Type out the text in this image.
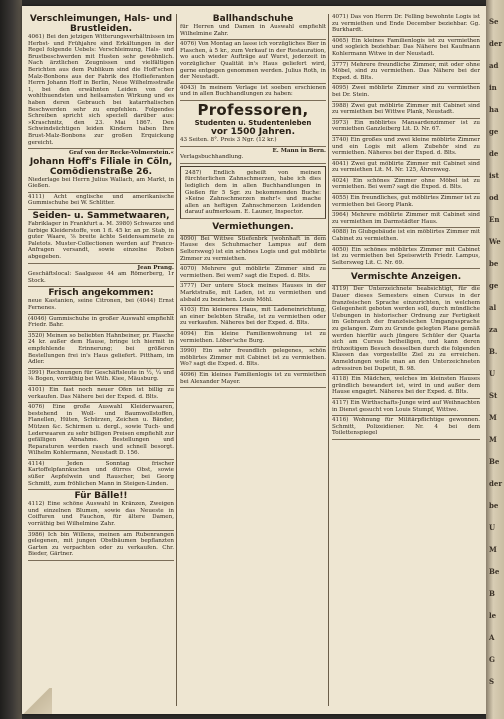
Verschleimungen, Hals- und Brustleiden.

4061) Bei den jetzigen Witterungsverhältnissen im Herbst- und Frühjahre sind Erkältungen in der Regel folgende Uebels: Verschleimung, Hals- und Brustbeschwerden mit Husten sehr gewöhnlich. Nach ärztlichen Zeugnissen und vielfältigen Berichten aus dem Publikum sind die Hoff'schen Malz-Bonbons aus der Fabrik des Hoflieferanten Herrn Johann Hoff in Berlin, Neue Wilhelmsstraße 1, bei den erwähnten Leiden von der wohlthuendsten und heilsamsten Wirkung und es haben deren Gebrauch bei katarrhalischen Beschwerden sehr zu empfehlen. Folgendes Schreiben spricht sich speciell darüber aus: »Kraschnitz, den 23. Mai 1867. Den Schwindsüchtigen leiden Kindern haben Ihre Brust-Malz-Bonbons zur großen Erquickung gereicht.

Graf von der Recke-Volmerstein.«

Johann Hoff's Filiale in Cöln, Comödienstraße 26.

Niederlage bei Herrn Julius Wallach, am Markt, in Gießen.

4111) Acht englische und amerikanische Gummischuhe bei W. Schlitter.

Seiden- u. Sammetwaaren,

Fabriklager in Frankfurt a. M. 3980) Schwarze und farbige Kleiderstoffe, von 1 fl. 45 kr. an pr. Stab, in guter Waare, ⅞ breite ächte Seidensammete zu Paletots. Muster-Collectionen werden auf Franco-Anfragen versandt, sowie einzelne Roben abgegeben.

Jean Prang.

Geschäftslocal: Saalgasse 44 am Römerberg, 1r Stock.

Frisch angekommen:

neue Kastanien, seine Citronen, bei (4044) Ernst Fernenes.

(4046) Gummischuhe in großer Auswahl empfiehlt Friedr. Bahr.

3520) Meinen so beliebten Hahnbeiner, pr. Flasche 24 kr. außer dem Hause, bringe ich hiermit in empfehlende Erinnerung; bei größeren Bestellungen frei in's Haus geliefert. Pittham, im Adler.

3991) Rechnungen für Geschäftsleute in ½, ¼ und ⅛ Bogen, vorräthig bei Wilh. Kiee, Mäusburg.

4101) Ein fast noch neuer Ofen ist billig zu verkaufen. Das Nähere bei der Exped. d. Blts.

4076) Eine große Auswahl Kleiderwaaren, bestehend in Woll- und Baumwollstoffen, Flanellen, Hüten, Schürzen, Zeichen u. Bänder, Mützen &c. Schirmen u. dergl., sowie Tuch- und Lederwaaren zu sehr billigen Preisen empfiehlt zur gefälligen Abnahme. Bestellungen und Reparaturen werden rasch und schnell besorgt. Wilhelm Kohlermann, Neustadt D. 156.

4114) Jeden Sonntag frischer Kartoffelpfannkuchen und dürres Obst, sowie süßer Aepfelwein und Rauscher, bei Georg Schmitt, zum fröhlichen Mann in Steigen-Linden.

Für Bälle!!

4112) Eine schöne Auswahl in Kränzen, Zweigen und einzelnen Blumen, sowie das Neueste in Coiffuren und Fauchon, für ältere Damen, vorräthig bei Wilhelmine Zahr.

3986) Ich bin Willens, meinen am Rubenrangen gelegenen, mit jungen Obstbäumen bepflanzten Garten zu verpachten oder zu verkaufen. Chr. Bieder, Gärtner.

Ballhandschuhe

für Herren und Damen in Auswahl empfiehlt Wilhelmine Zahr.

4076) Von Montag an lasse ich vorzügliches Bier in Flaschen, à 5 kr., zum Verkauf in der Restauration, wo auch wieder Aufträge auf Wurst, jederzeit in vorzüglicher Qualität in's Haus geliefert wird, gerne entgegen genommen werden. Julius Roth, in der Neustadt.

4043) In meinem Verlage ist soeben erschienen und in allen Buchhandlungen zu haben:

Professoren,

Studenten u. Studentenleben

vor 1500 Jahren.

43 Seiten. 8°. Preis 3 Ngr. (12 kr.)

E. Mann in Bern.

Verlagsbuchhandlung.

2487) Endlich geheilt von meinen fürchterlichen Zahnschmerzen, habe ich dies lediglich dem in allen Buchhandlungen in Gießen für 5 Sgr. zu bekommenden Buche: »Keine Zahnschmerzen mehr!« und mache allen an heftigen Zahnschmerzen Leidenden darauf aufmerksam. E. Launer, Inspector.

Vermiethungen.

4090) Bei Wittwe Stiefenbrk (wohnhaft in dem Hause des Schuhmacher Lampus auf dem Seltersweg) ist ein schönes Logis und gut möblirte Zimmer zu vermiethen.

4070) Mehrere gut möblirte Zimmer sind zu vermiethen. Bei wem? sagt die Exped. d. Blts.

3777) Der untere Stock meines Hauses in der Marktstraße, mit Laden, ist zu vermiethen und alsbald zu beziehen. Louis Möhl.

4103) Ein kleineres Haus, mit Ladeneinrichtung, an einer belebten Straße, ist zu vermiethen oder zu verkaufen. Näheres bei der Exped. d. Blts.

4094) Ein kleine Familienwohnung ist zu vermiethen. Löber'sche Burg.

3990) Ein sehr freundlich gelegenes, schön möblirtes Zimmer mit Cabinet ist zu vermiethen. Wo? sagt die Exped. d. Blts.

4096) Ein kleines Familienlogis ist zu vermiethen bei Alexander Mayer.

4071) Das von Herrn Dr. Felling bewohnte Logis ist zu vermiethen und Ende December beziehbar. Gg. Burkhardt.

4065) Ein kleines Familienlogis ist zu vermiethen und sogleich beziehbar. Das Nähere bei Kaufmann Kohlermann Witwe in der Neustadt.

3777) Mehrere freundliche Zimmer, mit oder ohne Möbel, sind zu vermiethen. Das Nähere bei der Exped. d. Blts.

4095) Zwei möblirte Zimmer sind zu vermiethen bei Dr. Stein.

3988) Zwei gut möblirte Zimmer mit Cabinet sind zu vermiethen bei Wittwe Plank, Neustadt.

3973) Ein möblirtes Mansardenzimmer ist zu vermiethen Ganzleiberg Lit. D. Nr. 67.

3740) Ein großes und zwei kleine möblirte Zimmer und ein Logis mit allem Zubehör sind zu vermiethen. Näheres bei der Exped. d. Blts.

4041) Zwei gut möblirte Zimmer mit Cabinet sind zu vermiethen Lit. M. Nr. 125, Ährenweg.

4024) Ein schönes Zimmer ohne Möbel ist zu vermiethen. Bei wem? sagt die Exped. d. Blts.

4055) Ein freundliches, gut möblirtes Zimmer ist zu vermiethen bei Georg Plank.

3964) Mehrere möblirte Zimmer mit Cabinet sind zu vermiethen im Darmstädter Haus.

4088) In Glubgebäude ist ein möblirtes Zimmer mit Cabinet zu vermiethen.

4050) Ein schönes möblirtes Zimmer mit Cabinet ist zu vermiethen bei Speisewirth Friedr. Lampus, Seltersweg Lit. C. Nr. 69.

Vermischte Anzeigen.

4119) Der Unterzeichnete beabsichtigt, für die Dauer dieses Semesters einen Cursus in der französischen Sprache einzurichten, in welchem Gelegenheit geboten werden soll, durch mündliche Uebungen in historischer Ordnung zur Fertigkeit im Gebrauch der französischen Umgangssprache zu gelangen. Zum zu Grunde gelegten Plane gemäß werden hierfür auch jüngere Schüler der Quarta sich am Cursus betheiligen, und kann deren frühzeitigem Besuch desselben durch die folgenden Klassen das vorgestellte Ziel zu zu erreichen. Anmeldungen wolle man an den Unterzeichneten adressiren bei Dupetit, B. 98.

4118) Ein Mädchen, welches im kleinsten Hauses gründlich bewandert ist, wird in und außer dem Hause engagirt. Näheres bei der Exped. d. Blts.

4117) Ein Wirthschafts-Junge wird auf Weihnachten in Dienst gesucht von Louis Stumpf, Wittwe.

4116) Wohnung für Militärpflichtige gewonnen. Schmitt, Polizeidiener. Nr. 4 bei dem Toilettenspiegel

Se
der
ad
in
ha
ge
de
ist
od
En
We
be
ge
al
za
B.
U
St
M
M
Be
der
be
U
M
Be
B
le
A
G
S
